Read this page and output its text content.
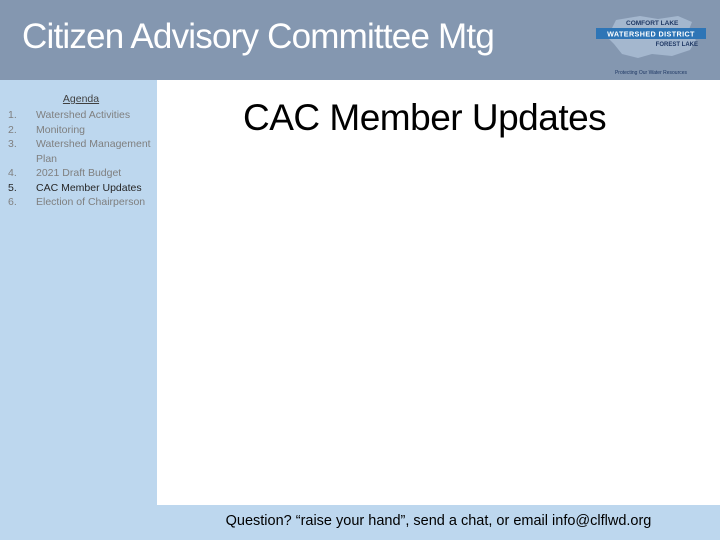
Citizen Advisory Committee Mtg	COMFORT LAKE
WATERSHED DISTRICT
FOREST LAKE
Protecting Our Water Resources
Agenda
1.	Watershed Activities
2.	Monitoring
3.	Watershed Management Plan
4.	2021 Draft Budget
5.	CAC Member Updates
6.	Election of Chairperson
CAC Member Updates
Question? “raise your hand”, send a chat, or email info@clflwd.org
